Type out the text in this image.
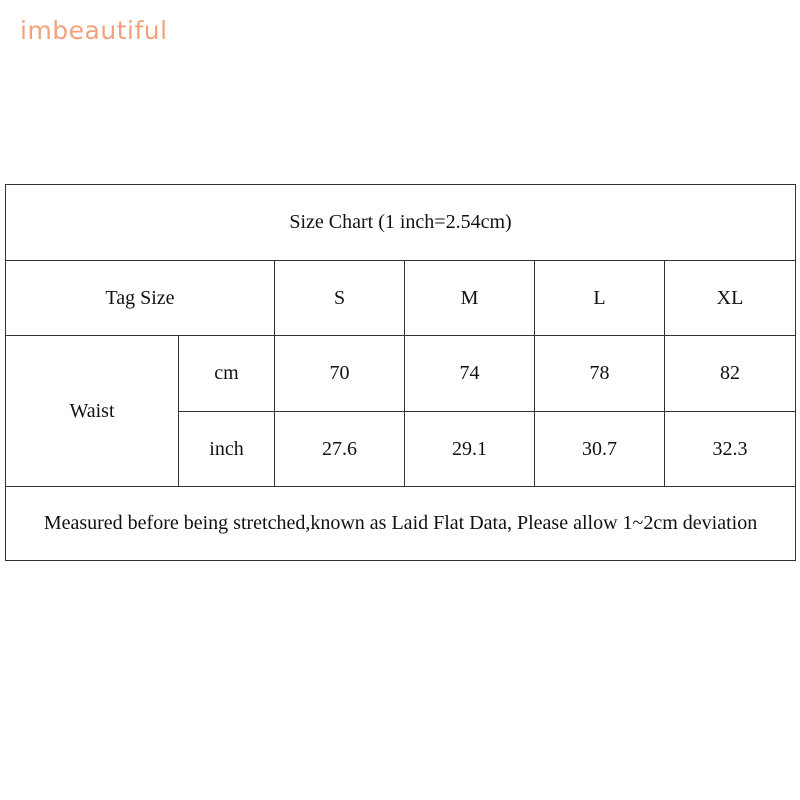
imbeautiful
Size Chart (1 inch=2.54cm)					
Tag Size		S	M	L	XL
Waist	cm	70	74	78	82
	inch	27.6	29.1	30.7	32.3
Measured before being stretched,known as Laid Flat Data, Please allow 1~2cm deviation					
